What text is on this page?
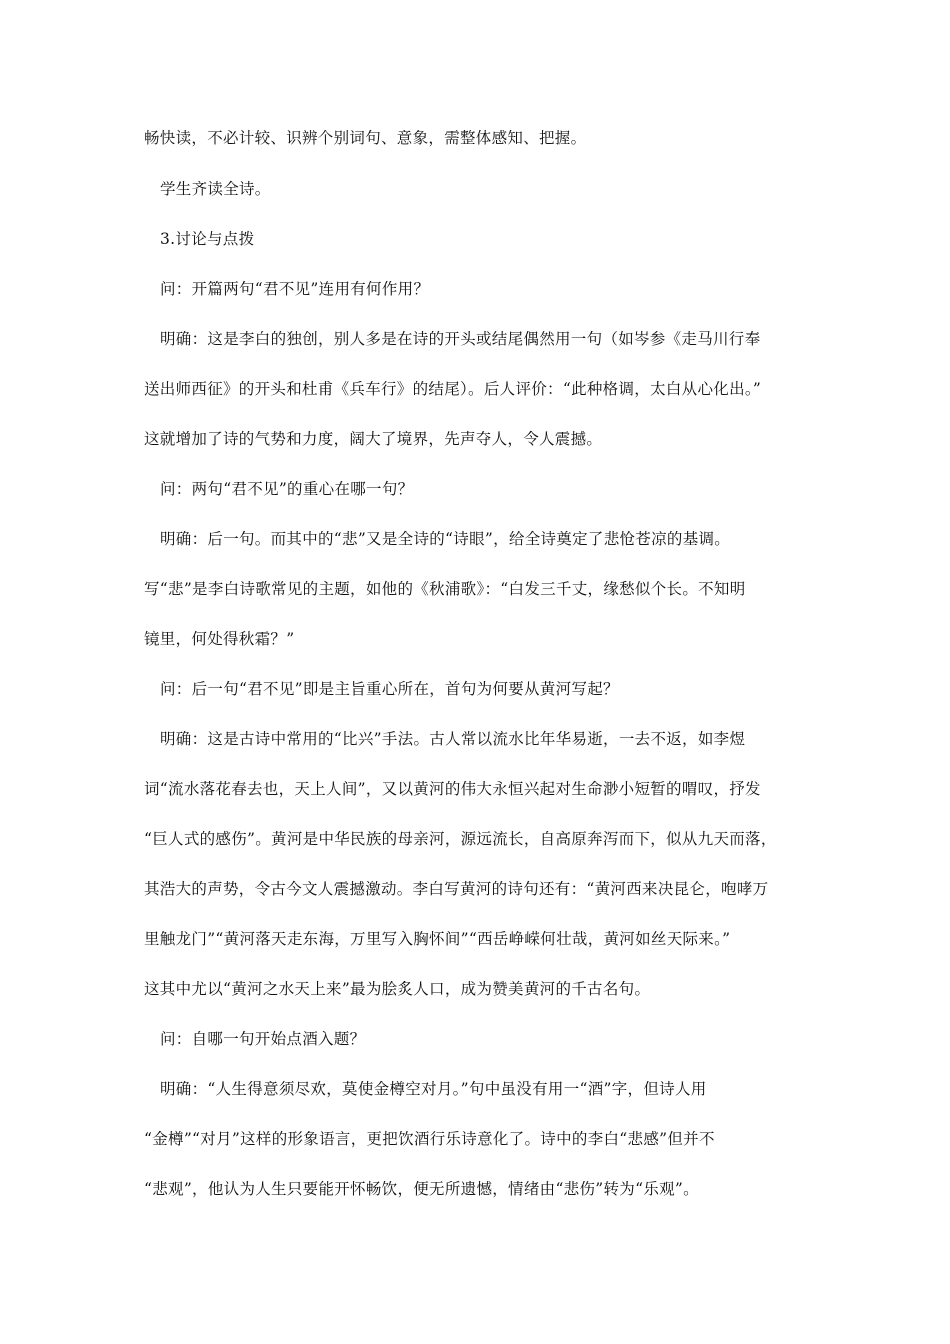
畅快读，不必计较、识辨个别词句、意象，需整体感知、把握。
学生齐读全诗。
3.讨论与点拨
问：开篇两句“君不见”连用有何作用？
明确：这是李白的独创，别人多是在诗的开头或结尾偶然用一句（如岑参《走马川行奉
送出师西征》的开头和杜甫《兵车行》的结尾）。后人评价：“此种格调，太白从心化出。”
这就增加了诗的气势和力度，阔大了境界，先声夺人，令人震撼。
问：两句“君不见”的重心在哪一句？
明确：后一句。而其中的“悲”又是全诗的“诗眼”，给全诗奠定了悲怆苍凉的基调。
写“悲”是李白诗歌常见的主题，如他的《秋浦歌》：“白发三千丈，缘愁似个长。不知明
镜里，何处得秋霜？”
问：后一句“君不见”即是主旨重心所在，首句为何要从黄河写起？
明确：这是古诗中常用的“比兴”手法。古人常以流水比年华易逝，一去不返，如李煜
词“流水落花春去也，天上人间”，又以黄河的伟大永恒兴起对生命渺小短暂的喟叹，抒发
“巨人式的感伤”。黄河是中华民族的母亲河，源远流长，自高原奔泻而下，似从九天而落，
其浩大的声势，令古今文人震撼激动。李白写黄河的诗句还有：“黄河西来决昆仑，咆哮万
里触龙门”“黄河落天走东海，万里写入胸怀间”“西岳峥嵘何壮哉，黄河如丝天际来。”
这其中尤以“黄河之水天上来”最为脍炙人口，成为赞美黄河的千古名句。
问：自哪一句开始点酒入题？
明确：“人生得意须尽欢，莫使金樽空对月。”句中虽没有用一“酒”字，但诗人用
“金樽”“对月”这样的形象语言，更把饮酒行乐诗意化了。诗中的李白“悲感”但并不
“悲观”，他认为人生只要能开怀畅饮，便无所遗憾，情绪由“悲伤”转为“乐观”。
